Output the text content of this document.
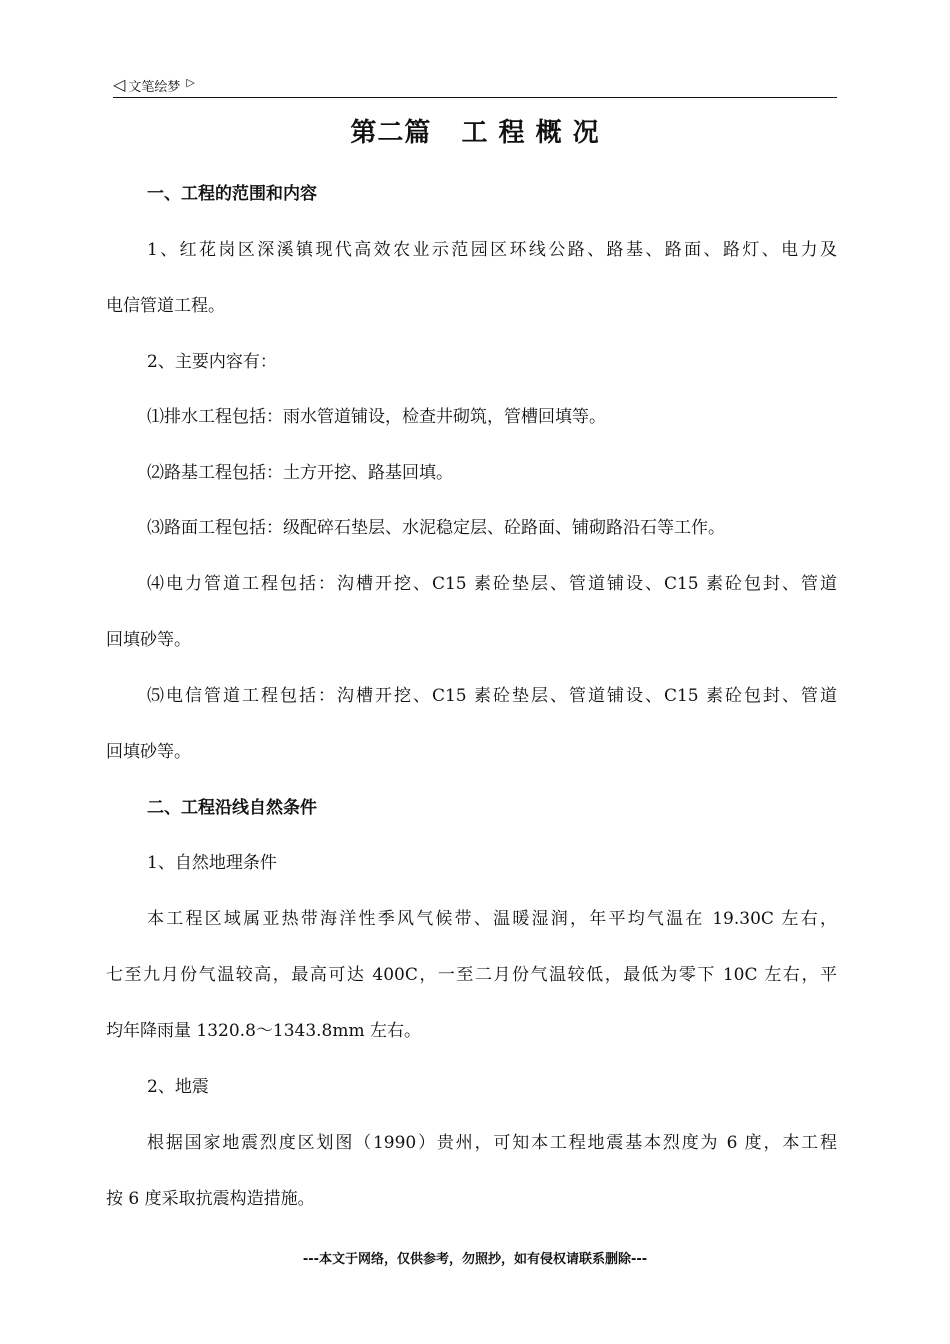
◁ 文笔绘梦 ▷
第二篇   工 程 概 况
一、工程的范围和内容
1、红花岗区深溪镇现代高效农业示范园区环线公路、路基、路面、路灯、电力及
电信管道工程。
2、主要内容有：
⑴排水工程包括：雨水管道铺设，检查井砌筑，管槽回填等。
⑵路基工程包括：土方开挖、路基回填。
⑶路面工程包括：级配碎石垫层、水泥稳定层、砼路面、铺砌路沿石等工作。
⑷电力管道工程包括：沟槽开挖、C15 素砼垫层、管道铺设、C15 素砼包封、管道
回填砂等。
⑸电信管道工程包括：沟槽开挖、C15 素砼垫层、管道铺设、C15 素砼包封、管道
回填砂等。
二、工程沿线自然条件
1、自然地理条件
本工程区域属亚热带海洋性季风气候带、温暖湿润，年平均气温在 19.30C 左右，
七至九月份气温较高，最高可达 400C，一至二月份气温较低，最低为零下 10C 左右，平
均年降雨量 1320.8～1343.8mm 左右。
2、地震
根据国家地震烈度区划图（1990）贵州，可知本工程地震基本烈度为 6 度，本工程
按 6 度采取抗震构造措施。
---本文于网络，仅供参考，勿照抄，如有侵权请联系删除---
